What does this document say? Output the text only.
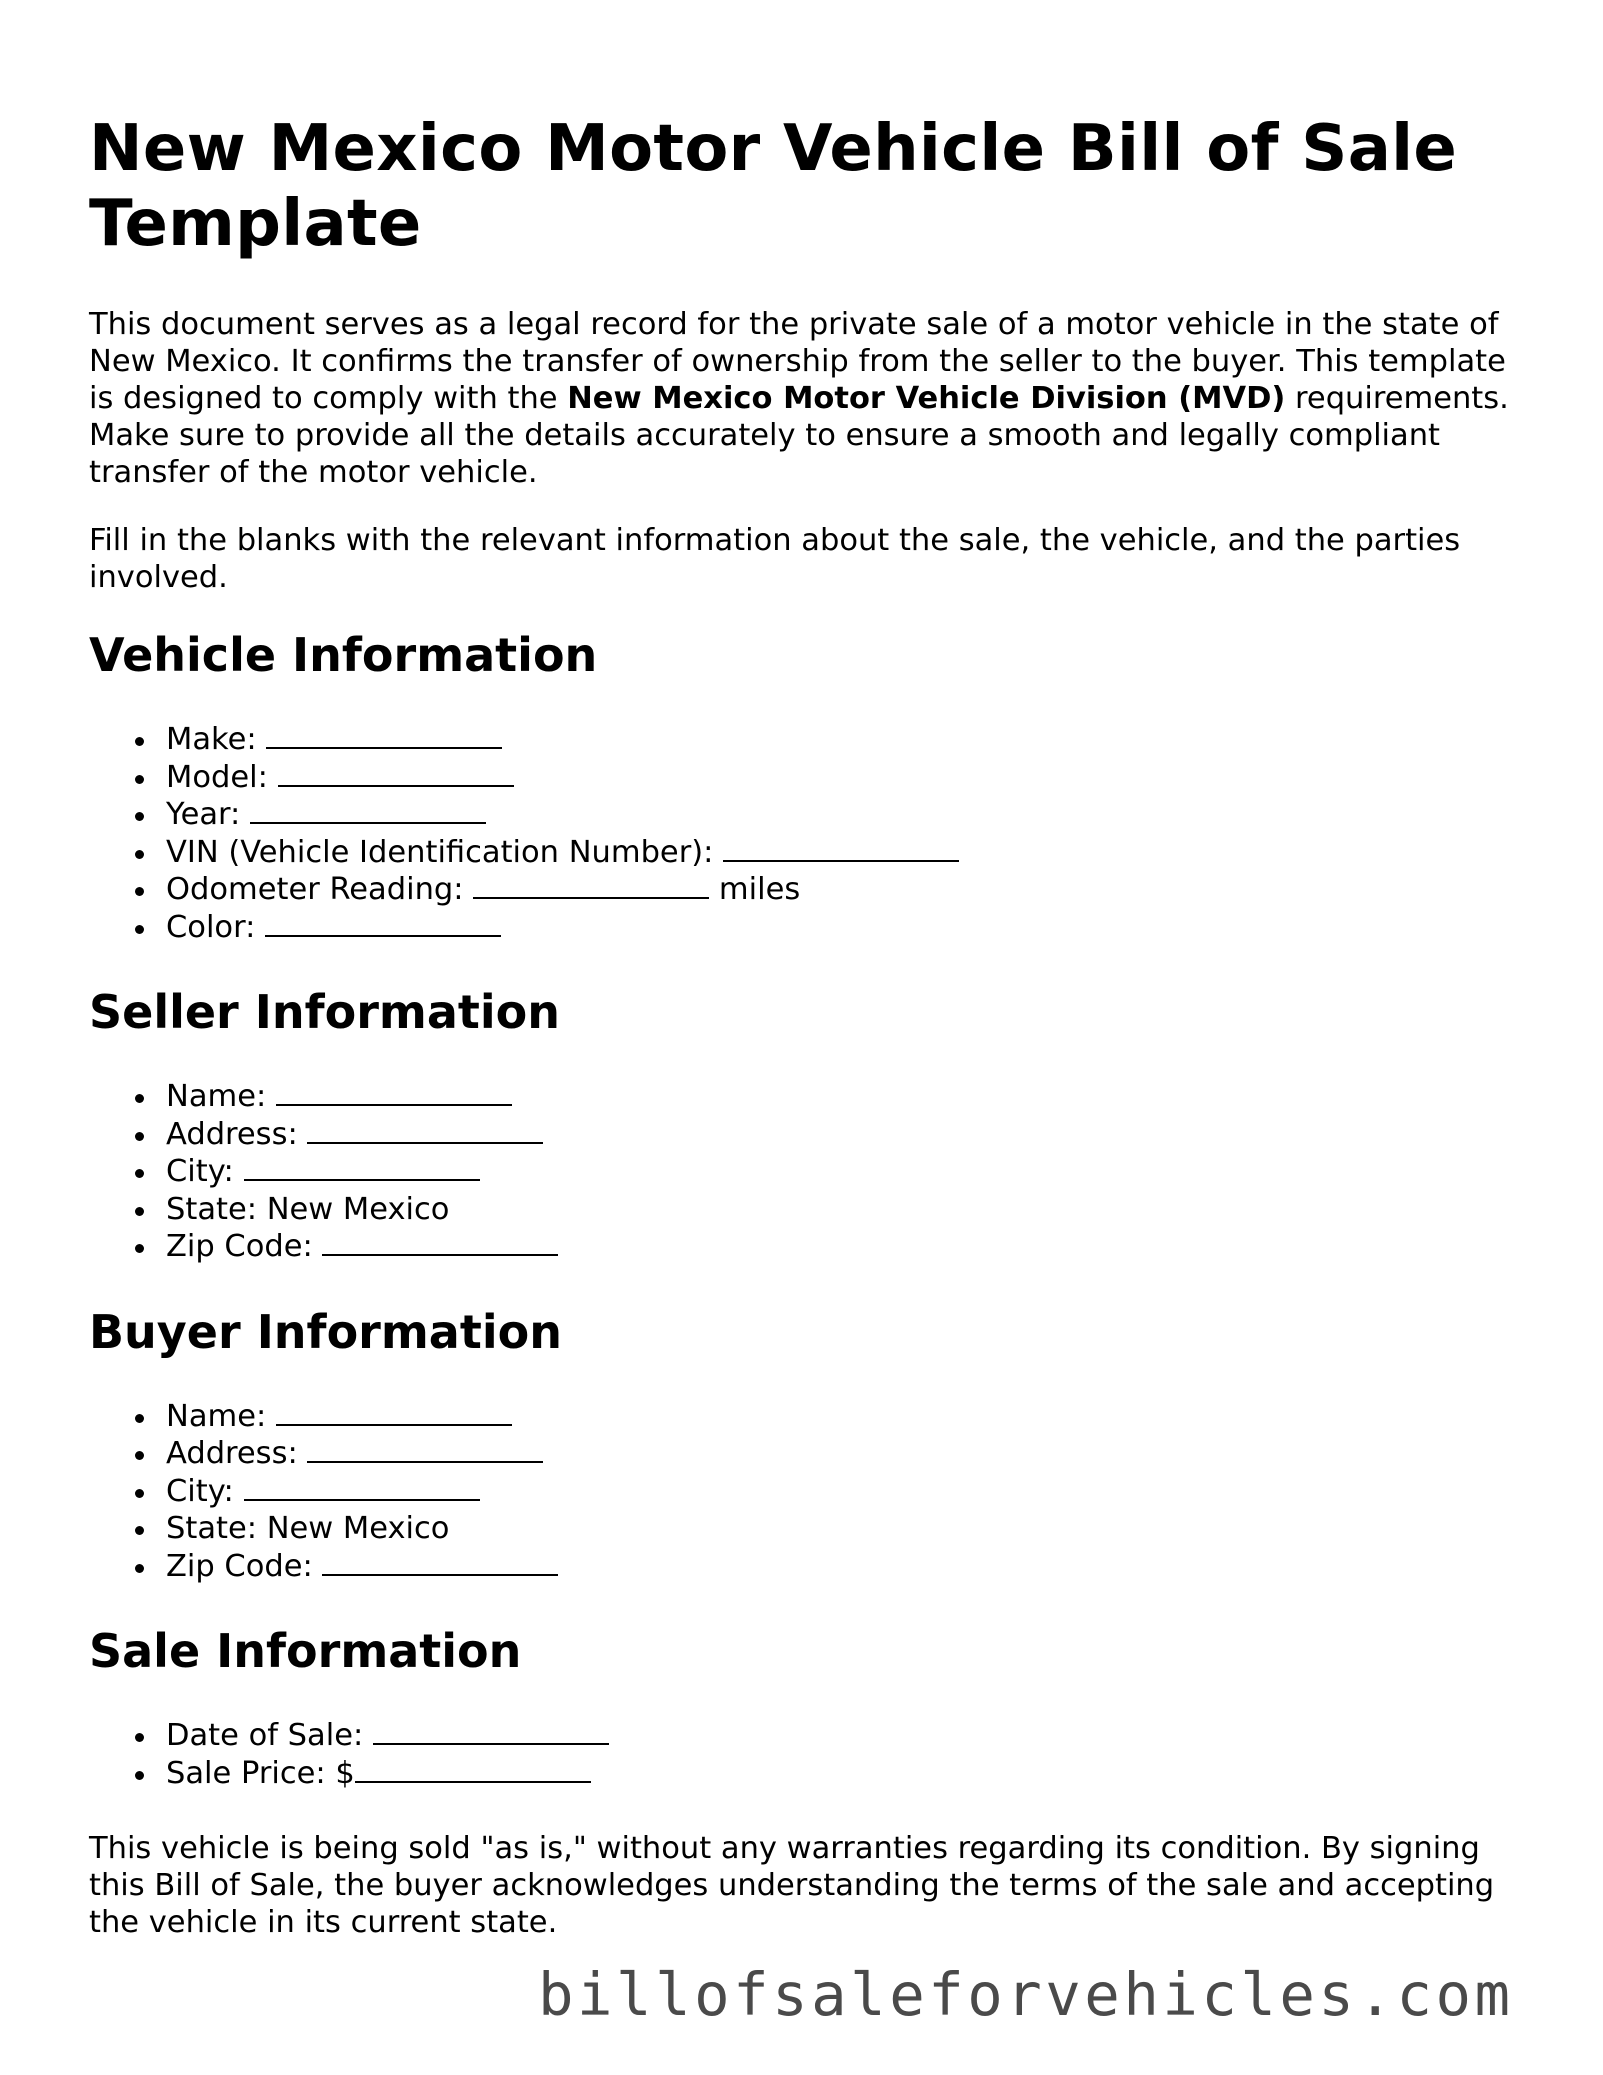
New Mexico Motor Vehicle Bill of Sale Template

This document serves as a legal record for the private sale of a motor vehicle in the state of New Mexico. It confirms the transfer of ownership from the seller to the buyer. This template is designed to comply with the New Mexico Motor Vehicle Division (MVD) requirements. Make sure to provide all the details accurately to ensure a smooth and legally compliant transfer of the motor vehicle.

Fill in the blanks with the relevant information about the sale, the vehicle, and the parties involved.

Vehicle Information
Make:
Model:
Year:
VIN (Vehicle Identification Number):
Odometer Reading:	miles
Color:
Seller Information
Name:
Address:
City:
State: New Mexico
Zip Code:
Buyer Information
Name:
Address:
City:
State: New Mexico
Zip Code:
Sale Information
Date of Sale:
Sale Price: $

This vehicle is being sold "as is," without any warranties regarding its condition. By signing this Bill of Sale, the buyer acknowledges understanding the terms of the sale and accepting the vehicle in its current state.

billofsaleforvehicles.com
